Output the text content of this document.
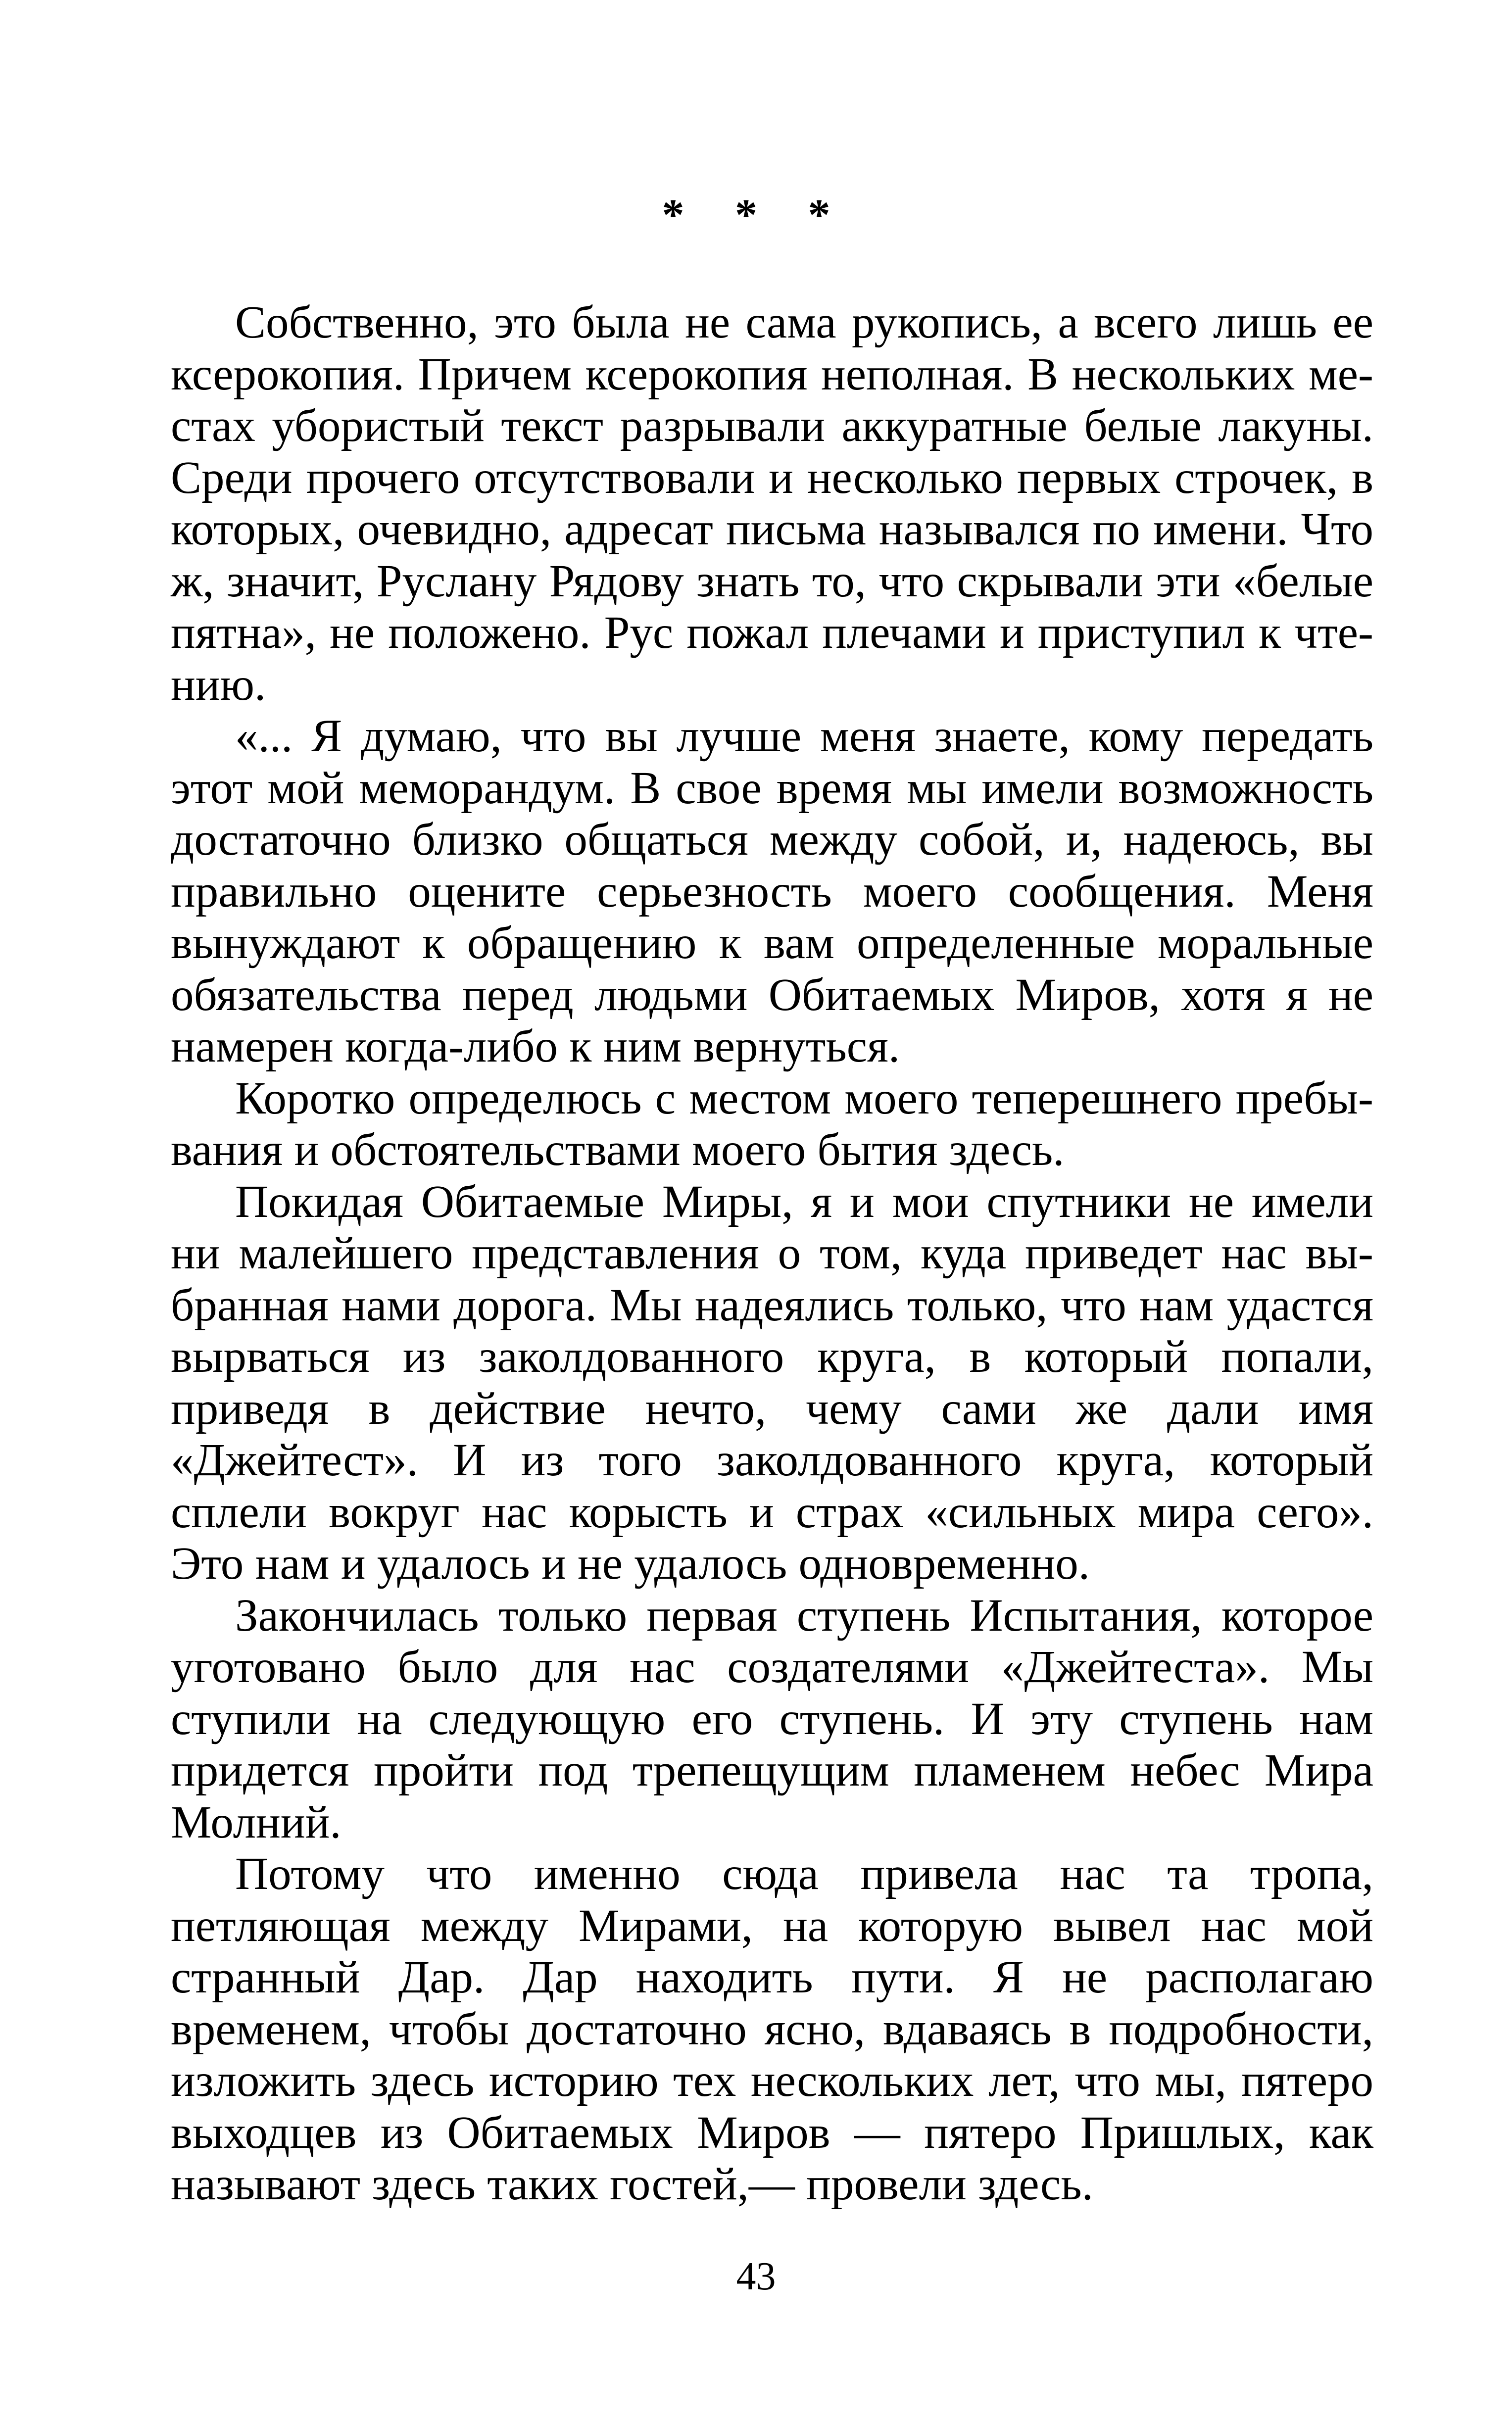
* * *

Собственно, это была не сама рукопись, а всего лишь ее ксерокопия. Причем ксерокопия неполная. В нескольких местах убористый текст разрывали аккуратные белые лакуны. Среди прочего отсутствовали и несколько первых строчек, в которых, очевидно, адресат письма назывался по имени. Что ж, значит, Руслану Рядову знать то, что скрывали эти «белые пятна», не положено. Рус пожал плечами и приступил к чтению.

«... Я думаю, что вы лучше меня знаете, кому передать этот мой меморандум. В свое время мы имели возможность достаточно близко общаться между собой, и, надеюсь, вы правильно оцените серьезность моего сообщения. Меня вынуждают к обращению к вам определенные моральные обязательства перед людьми Обитаемых Миров, хотя я не намерен когда-либо к ним вернуться.

Коротко определюсь с местом моего теперешнего пребывания и обстоятельствами моего бытия здесь.

Покидая Обитаемые Миры, я и мои спутники не имели ни малейшего представления о том, куда приведет нас выбранная нами дорога. Мы надеялись только, что нам удастся вырваться из заколдованного круга, в который попали, приведя в действие нечто, чему сами же дали имя «Джейтест». И из того заколдованного круга, который сплели вокруг нас корысть и страх «сильных мира сего». Это нам и удалось и не удалось одновременно.

Закончилась только первая ступень Испытания, которое уготовано было для нас создателями «Джейтеста». Мы ступили на следующую его ступень. И эту ступень нам придется пройти под трепещущим пламенем небес Мира Молний.

Потому что именно сюда привела нас та тропа, петляющая между Мирами, на которую вывел нас мой странный Дар. Дар находить пути. Я не располагаю временем, чтобы достаточно ясно, вдаваясь в подробности, изложить здесь историю тех нескольких лет, что мы, пятеро выходцев из Обитаемых Миров — пятеро Пришлых, как называют здесь таких гостей,— провели здесь.

43
